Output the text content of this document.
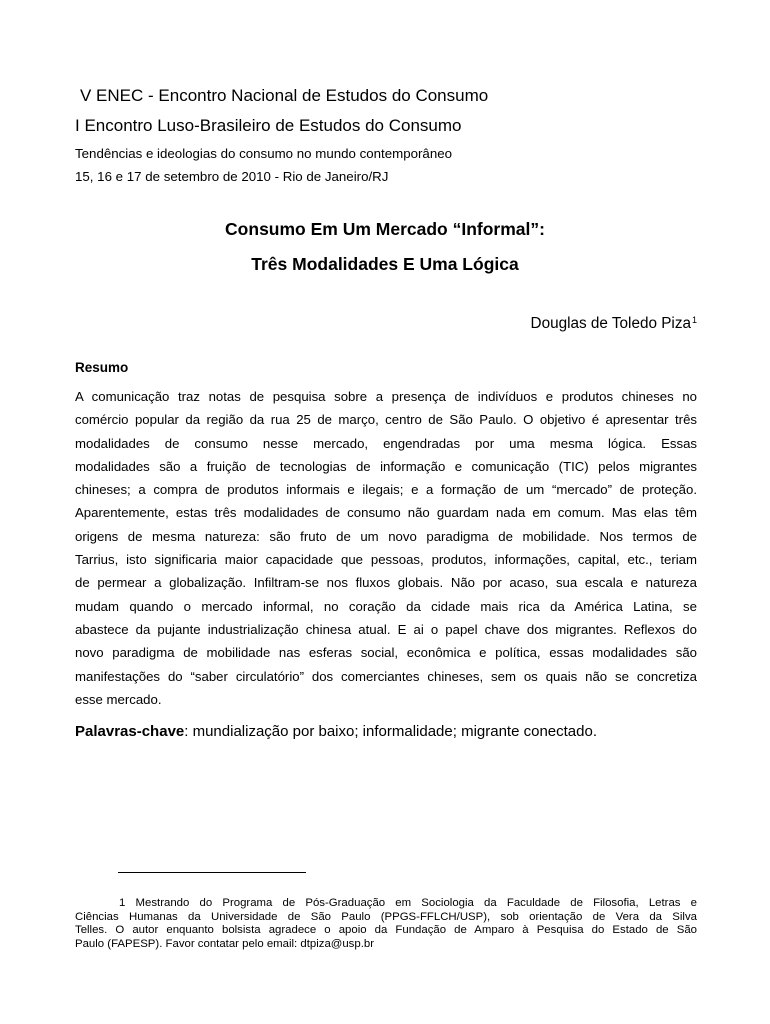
V ENEC - Encontro Nacional de Estudos do Consumo
I Encontro Luso-Brasileiro de Estudos do Consumo
Tendências e ideologias do consumo no mundo contemporâneo
15, 16 e 17 de setembro de 2010 - Rio de Janeiro/RJ
Consumo Em Um Mercado “Informal”:
Três Modalidades E Uma Lógica
Douglas de Toledo Piza$^1$
Resumo
A comunicação traz notas de pesquisa sobre a presença de indivíduos e produtos chineses no
comércio popular da região da rua 25 de março, centro de São Paulo. O objetivo é apresentar três
modalidades de consumo nesse mercado, engendradas por uma mesma lógica. Essas
modalidades são a fruição de tecnologias de informação e comunicação (TIC) pelos migrantes
chineses; a compra de produtos informais e ilegais; e a formação de um “mercado” de proteção.
Aparentemente, estas três modalidades de consumo não guardam nada em comum. Mas elas têm
origens de mesma natureza: são fruto de um novo paradigma de mobilidade. Nos termos de
Tarrius, isto significaria maior capacidade que pessoas, produtos, informações, capital, etc., teriam
de permear a globalização. Infiltram-se nos fluxos globais. Não por acaso, sua escala e natureza
mudam quando o mercado informal, no coração da cidade mais rica da América Latina, se
abastece da pujante industrialização chinesa atual. E ai o papel chave dos migrantes. Reflexos do
novo paradigma de mobilidade nas esferas social, econômica e política, essas modalidades são
manifestações do “saber circulatório” dos comerciantes chineses, sem os quais não se concretiza
esse mercado.
Palavras-chave: mundialização por baixo; informalidade; migrante conectado.
1 Mestrando do Programa de Pós-Graduação em Sociologia da Faculdade de Filosofia, Letras e
Ciências Humanas da Universidade de São Paulo (PPGS-FFLCH/USP), sob orientação de Vera da Silva
Telles. O autor enquanto bolsista agradece o apoio da Fundação de Amparo à Pesquisa do Estado de São
Paulo (FAPESP). Favor contatar pelo email: dtpiza@usp.br
